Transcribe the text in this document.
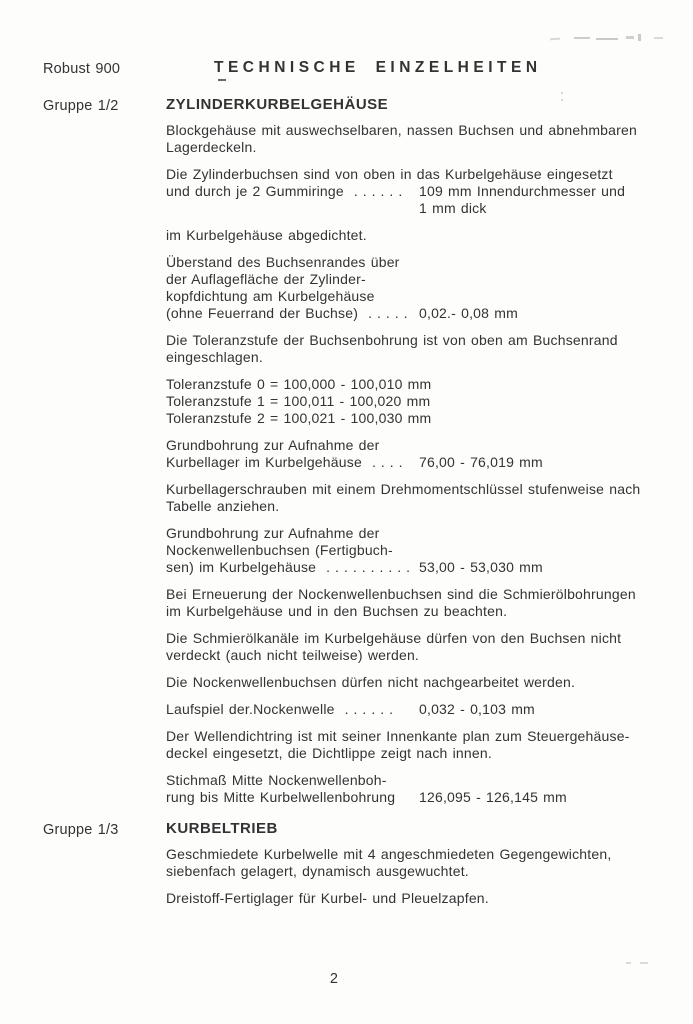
Robust 900	TECHNISCHE EINZELHEITEN
Gruppe 1/2	ZYLINDERKURBELGEHÄUSE
Blockgehäuse mit auswechselbaren, nassen Buchsen und abnehmbaren
Lagerdeckeln.
Die Zylinderbuchsen sind von oben in das Kurbelgehäuse eingesetzt
und durch je 2 Gummiringe ...... 109 mm Innendurchmesser und
1 mm dick
im Kurbelgehäuse abgedichtet.
Überstand des Buchsenrandes über
der Auflagefläche der Zylinder-
kopfdichtung am Kurbelgehäuse
(ohne Feuerrand der Buchse) ..... 0,02.- 0,08 mm
Die Toleranzstufe der Buchsenbohrung ist von oben am Buchsenrand
eingeschlagen.
Toleranzstufe 0 = 100,000 - 100,010 mm
Toleranzstufe 1 = 100,011 - 100,020 mm
Toleranzstufe 2 = 100,021 - 100,030 mm
Grundbohrung zur Aufnahme der
Kurbellager im Kurbelgehäuse .... 76,00 - 76,019 mm
Kurbellagerschrauben mit einem Drehmomentschlüssel stufenweise nach
Tabelle anziehen.
Grundbohrung zur Aufnahme der
Nockenwellenbuchsen (Fertigbuch-
sen) im Kurbelgehäuse .......... 53,00 - 53,030 mm
Bei Erneuerung der Nockenwellenbuchsen sind die Schmierölbohrungen
im Kurbelgehäuse und in den Buchsen zu beachten.
Die Schmierölkanäle im Kurbelgehäuse dürfen von den Buchsen nicht
verdeckt (auch nicht teilweise) werden.
Die Nockenwellenbuchsen dürfen nicht nachgearbeitet werden.
Laufspiel der.Nockenwelle ...... 0,032 - 0,103 mm
Der Wellendichtring ist mit seiner Innenkante plan zum Steuergehäuse-
deckel eingesetzt, die Dichtlippe zeigt nach innen.
Stichmaß Mitte Nockenwellenboh-
rung bis Mitte Kurbelwellenbohrung 126,095 - 126,145 mm
Gruppe 1/3	KURBELTRIEB
Geschmiedete Kurbelwelle mit 4 angeschmiedeten Gegengewichten,
siebenfach gelagert, dynamisch ausgewuchtet.
Dreistoff-Fertiglager für Kurbel- und Pleuelzapfen.
2
